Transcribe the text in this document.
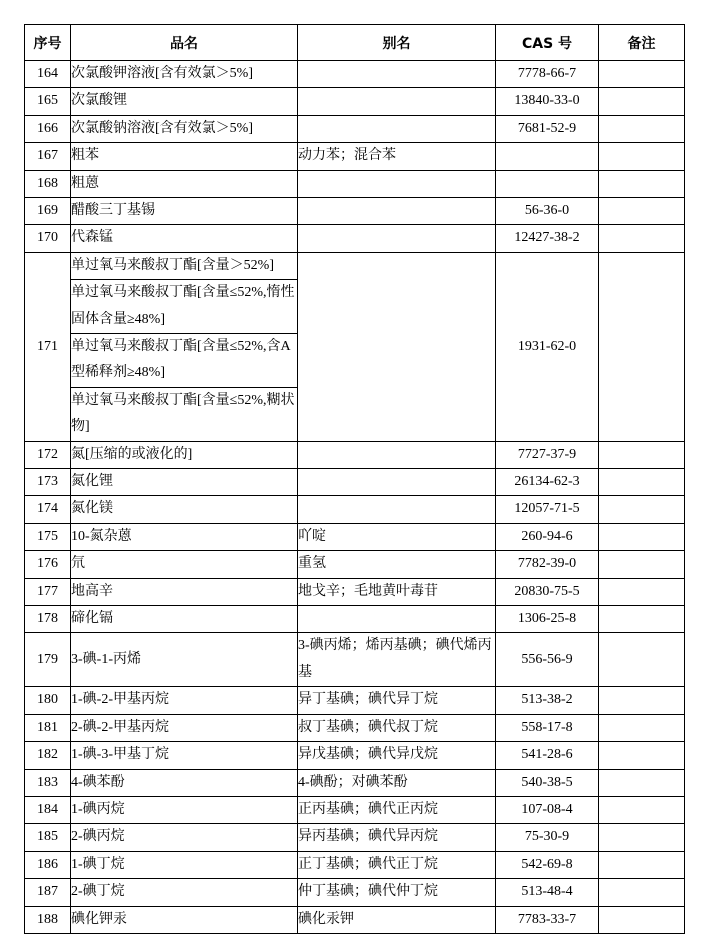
序号	品名	别名	CAS 号	备注

164	次氯酸钾溶液[含有效氯＞5%]		7778-66-7	

165	次氯酸锂		13840-33-0	

166	次氯酸钠溶液[含有效氯＞5%]		7681-52-9	

167	粗苯	动力苯；混合苯		

168	粗蒽			

169	醋酸三丁基锡		56-36-0	

170	代森锰		12427-38-2	

171	单过氧马来酸叔丁酯[含量＞52%]		1931-62-0	

	单过氧马来酸叔丁酯[含量≤52%,惰性固体含量≥48%]			

	单过氧马来酸叔丁酯[含量≤52%,含A 型稀释剂≥48%]			

	单过氧马来酸叔丁酯[含量≤52%,糊状物]			

172	氮[压缩的或液化的]		7727-37-9	

173	氮化锂		26134-62-3	

174	氮化镁		12057-71-5	

175	10-氮杂蒽	吖啶	260-94-6	

176	氘	重氢	7782-39-0	

177	地高辛	地戈辛；毛地黄叶毒苷	20830-75-5	

178	碲化镉		1306-25-8	

179	3-碘-1-丙烯	3-碘丙烯；烯丙基碘；碘代烯丙基	556-56-9	

180	1-碘-2-甲基丙烷	异丁基碘；碘代异丁烷	513-38-2	

181	2-碘-2-甲基丙烷	叔丁基碘；碘代叔丁烷	558-17-8	

182	1-碘-3-甲基丁烷	异戊基碘；碘代异戊烷	541-28-6	

183	4-碘苯酚	4-碘酚；对碘苯酚	540-38-5	

184	1-碘丙烷	正丙基碘；碘代正丙烷	107-08-4	

185	2-碘丙烷	异丙基碘；碘代异丙烷	75-30-9	

186	1-碘丁烷	正丁基碘；碘代正丁烷	542-69-8	

187	2-碘丁烷	仲丁基碘；碘代仲丁烷	513-48-4	

188	碘化钾汞	碘化汞钾	7783-33-7	
